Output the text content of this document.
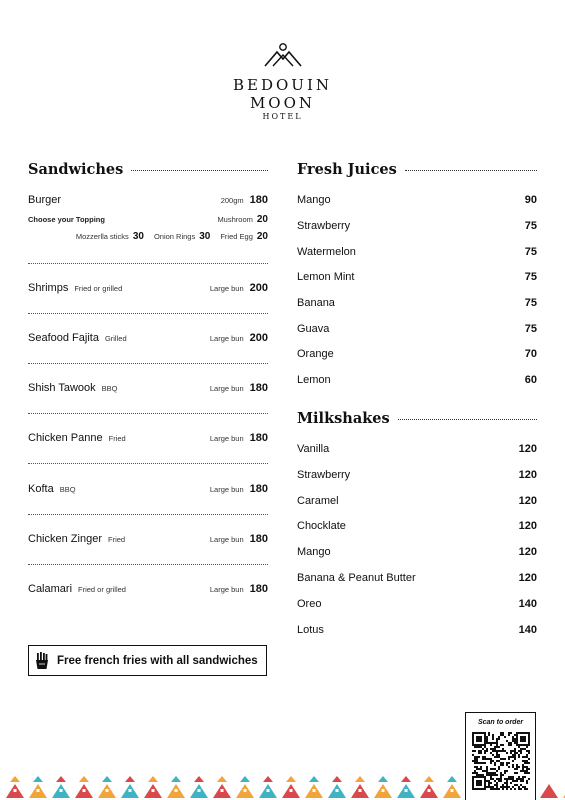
BEDOUIN
MOON
HOTEL
Sandwiches
Burger	200gm 180
Choose your Topping	Mushroom 20
Mozzerlla sticks 30 Onion Rings 30 Fried Egg 20
Shrimps Fried or grilled	Large bun 200
Seafood Fajita Grilled	Large bun 200
Shish Tawook BBQ	Large bun 180
Chicken Panne Fried	Large bun 180
Kofta BBQ	Large bun 180
Chicken Zinger Fried	Large bun 180
Calamari Fried or grilled	Large bun 180
Free french fries with all sandwiches
Fresh Juices
Mango	90
Strawberry	75
Watermelon	75
Lemon Mint	75
Banana	75
Guava	75
Orange	70
Lemon	60
Milkshakes
Vanilla	120
Strawberry	120
Caramel	120
Chocklate	120
Mango	120
Banana & Peanut Butter	120
Oreo	140
Lotus	140
Scan to order
